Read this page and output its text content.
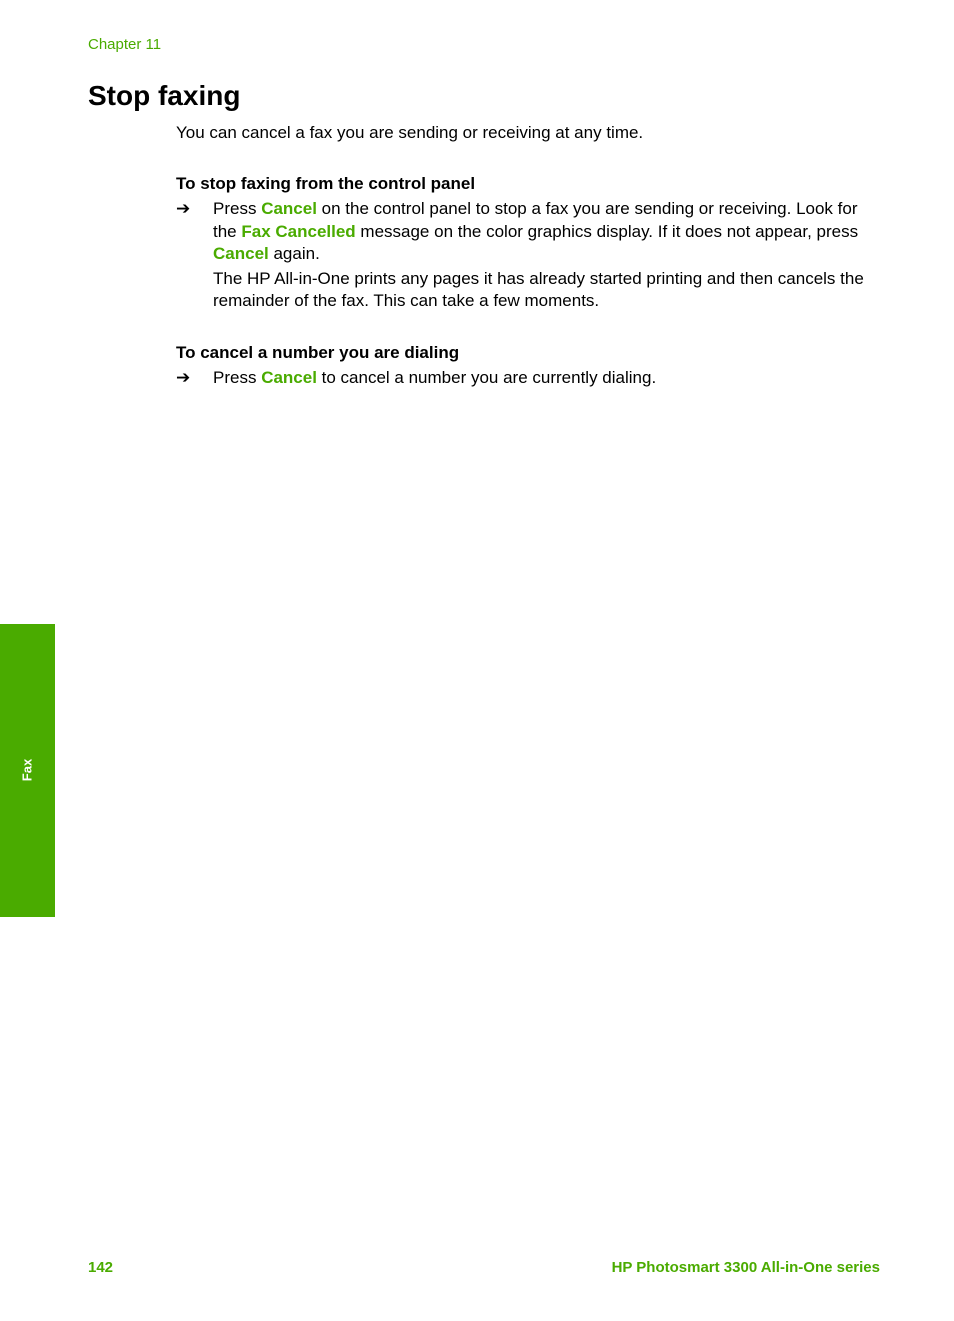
Chapter 11
Stop faxing

You can cancel a fax you are sending or receiving at any time.

To stop faxing from the control panel
➔	Press Cancel on the control panel to stop a fax you are sending or receiving. Look for the Fax Cancelled message on the color graphics display. If it does not appear, press Cancel again.

The HP All-in-One prints any pages it has already started printing and then cancels the remainder of the fax. This can take a few moments.

To cancel a number you are dialing
➔	Press Cancel to cancel a number you are currently dialing.

Fax
142	HP Photosmart 3300 All-in-One series
